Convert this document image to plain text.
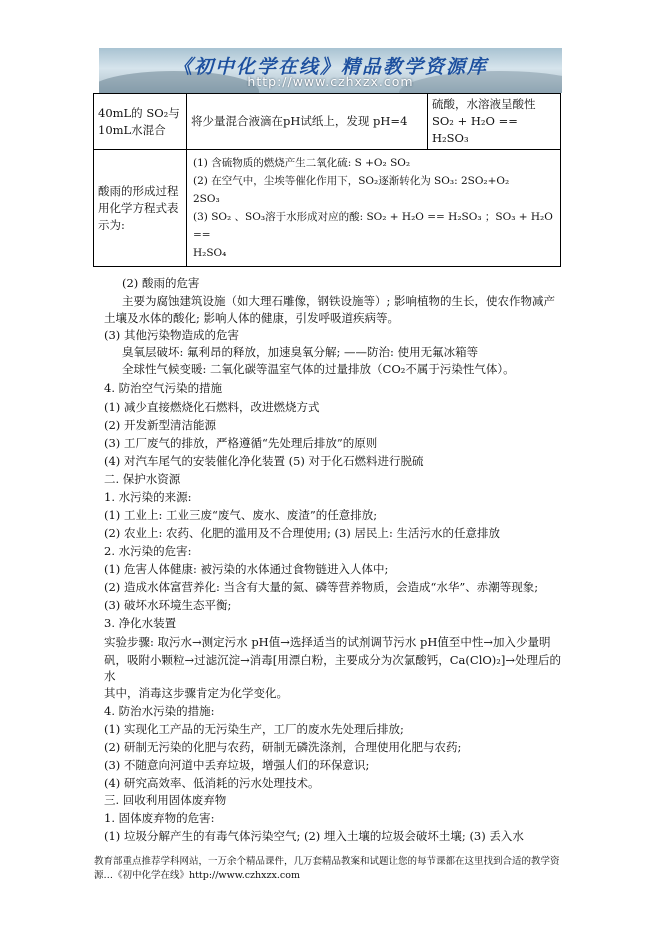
《初中化学在线》精品教学资源库
http://www.czhxzx.com
40mL的 SO₂与 10mL水混合	将少量混合液滴在pH试纸上，发现 pH=4	硫酸，水溶液呈酸性
SO₂ + H₂O == H₂SO₃

酸雨的形成过程用化学方程式表示为:	(1) 含硫物质的燃烧产生二氧化硫: S +O₂ SO₂
(2) 在空气中，尘埃等催化作用下，SO₂逐渐转化为 SO₃: 2SO₂+O₂
2SO₃
(3) SO₂ 、SO₃溶于水形成对应的酸: SO₂ + H₂O == H₂SO₃ ；SO₃ + H₂O ==
H₂SO₄	
(2) 酸雨的危害
主要为腐蚀建筑设施（如大理石雕像，钢铁设施等）; 影响植物的生长，使农作物减产
土壤及水体的酸化; 影响人体的健康，引发呼吸道疾病等。
(3) 其他污染物造成的危害
臭氧层破坏: 氟利昂的释放，加速臭氧分解; ——防治: 使用无氟冰箱等
全球性气候变暖: 二氧化碳等温室气体的过量排放（CO₂不属于污染性气体）。
4. 防治空气污染的措施
(1) 减少直接燃烧化石燃料，改进燃烧方式
(2) 开发新型清洁能源
(3) 工厂废气的排放，严格遵循“先处理后排放”的原则
(4) 对汽车尾气的安装催化净化装置 (5) 对于化石燃料进行脱硫
二. 保护水资源
1. 水污染的来源:
(1) 工业上: 工业三废“废气、废水、废渣”的任意排放;
(2) 农业上: 农药、化肥的滥用及不合理使用; (3) 居民上: 生活污水的任意排放
2. 水污染的危害:
(1) 危害人体健康: 被污染的水体通过食物链进入人体中;
(2) 造成水体富营养化: 当含有大量的氮、磷等营养物质，会造成“水华”、赤潮等现象;
(3) 破坏水环境生态平衡;
3. 净化水装置
实验步骤: 取污水→测定污水 pH值→选择适当的试剂调节污水 pH值至中性→加入少量明
矾，吸附小颗粒→过滤沉淀→消毒[用漂白粉，主要成分为次氯酸钙，Ca(ClO)₂]→处理后的
水
其中，消毒这步骤肯定为化学变化。
4. 防治水污染的措施:
(1) 实现化工产品的无污染生产，工厂的废水先处理后排放;
(2) 研制无污染的化肥与农药，研制无磷洗涤剂，合理使用化肥与农药;
(3) 不随意向河道中丢弃垃圾，增强人们的环保意识;
(4) 研究高效率、低消耗的污水处理技术。
三. 回收利用固体废弃物
1. 固体废弃物的危害:
(1) 垃圾分解产生的有毒气体污染空气; (2) 埋入土壤的垃圾会破坏土壤; (3) 丢入水
教育部重点推荐学科网站，一万余个精品课件，几万套精品教案和试题让您的每节课都在这里找到合适的教学资源…《初中化学在线》http://www.czhxzx.com
